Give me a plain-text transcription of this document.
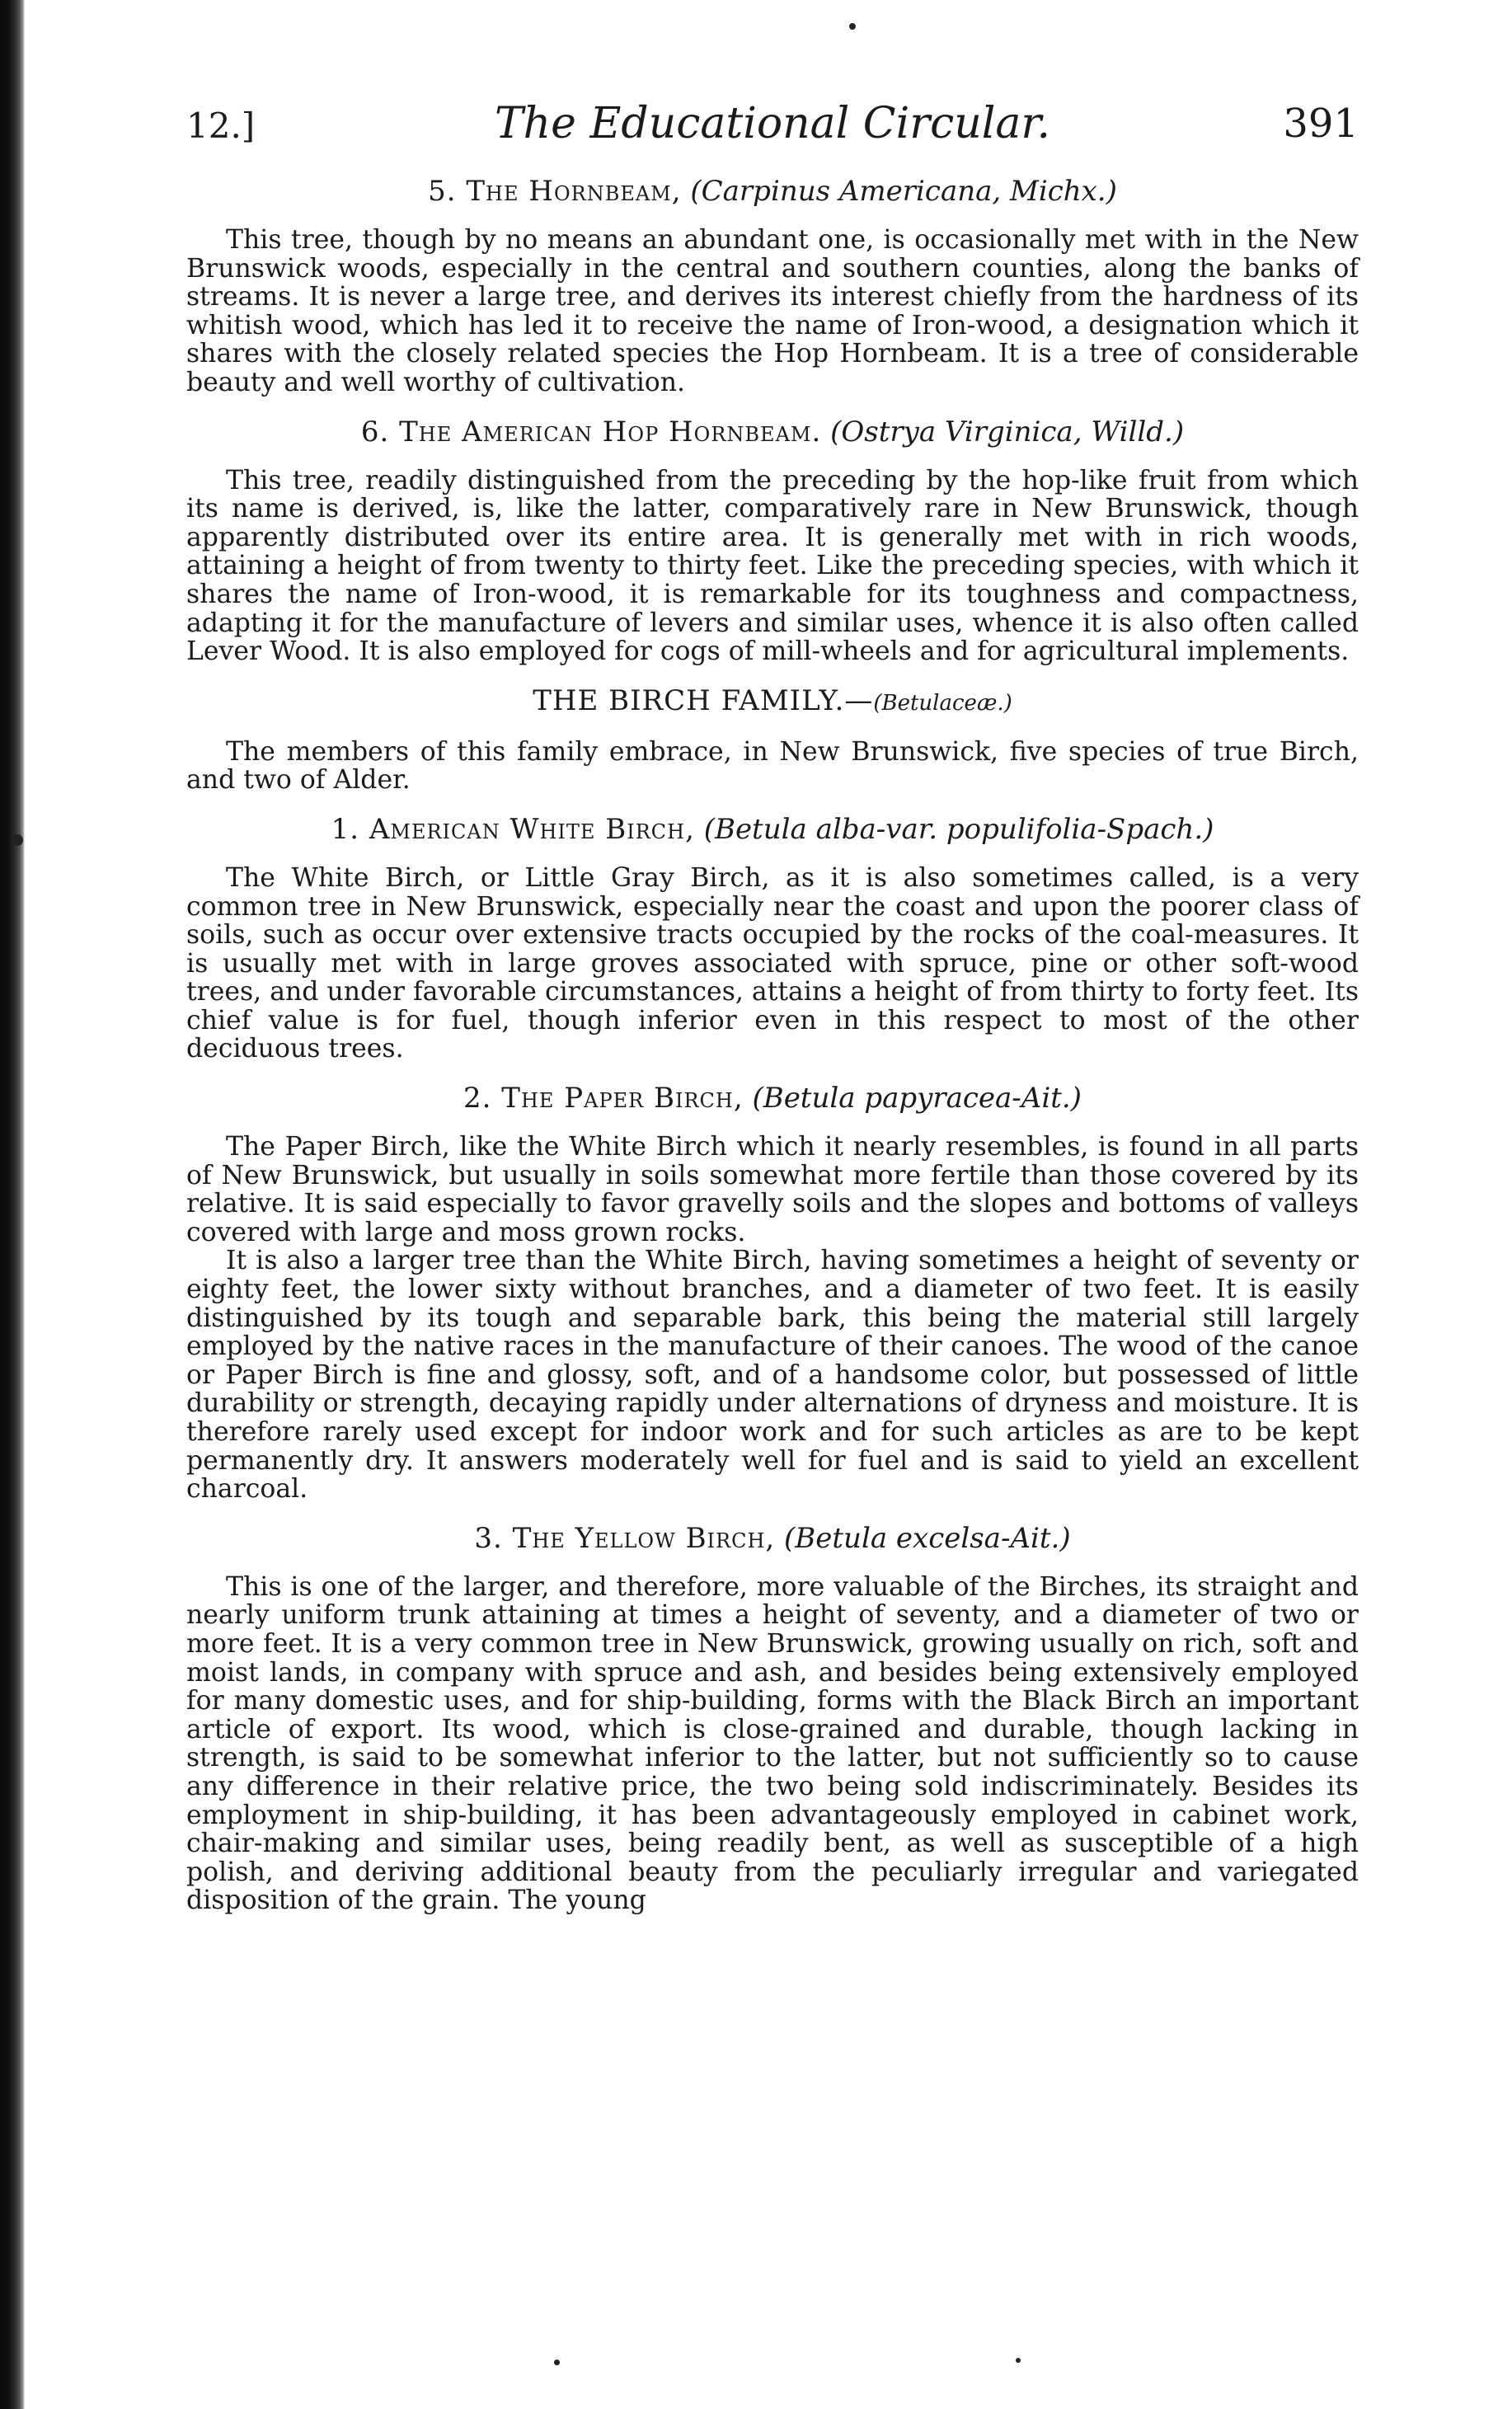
12.]	The Educational Circular.	391
5. The Hornbeam, (Carpinus Americana, Michx.)

This tree, though by no means an abundant one, is occasionally met with in the New Brunswick woods, especially in the central and southern counties, along the banks of streams. It is never a large tree, and derives its interest chiefly from the hardness of its whitish wood, which has led it to receive the name of Iron-wood, a designation which it shares with the closely related species the Hop Hornbeam. It is a tree of considerable beauty and well worthy of cultivation.

6. The American Hop Hornbeam. (Ostrya Virginica, Willd.)

This tree, readily distinguished from the preceding by the hop-like fruit from which its name is derived, is, like the latter, comparatively rare in New Brunswick, though apparently distributed over its entire area. It is generally met with in rich woods, attaining a height of from twenty to thirty feet. Like the preceding species, with which it shares the name of Iron-wood, it is remarkable for its toughness and compactness, adapting it for the manufacture of levers and similar uses, whence it is also often called Lever Wood. It is also employed for cogs of mill-wheels and for agricultural implements.

THE BIRCH FAMILY.—(Betulaceæ.)

The members of this family embrace, in New Brunswick, five species of true Birch, and two of Alder.

1. American White Birch, (Betula alba-var. populifolia-Spach.)

The White Birch, or Little Gray Birch, as it is also sometimes called, is a very common tree in New Brunswick, especially near the coast and upon the poorer class of soils, such as occur over extensive tracts occupied by the rocks of the coal-measures. It is usually met with in large groves associated with spruce, pine or other soft-wood trees, and under favorable circumstances, attains a height of from thirty to forty feet. Its chief value is for fuel, though inferior even in this respect to most of the other deciduous trees.

2. The Paper Birch, (Betula papyracea-Ait.)

The Paper Birch, like the White Birch which it nearly resembles, is found in all parts of New Brunswick, but usually in soils somewhat more fertile than those covered by its relative. It is said especially to favor gravelly soils and the slopes and bottoms of valleys covered with large and moss grown rocks.

It is also a larger tree than the White Birch, having sometimes a height of seventy or eighty feet, the lower sixty without branches, and a diameter of two feet. It is easily distinguished by its tough and separable bark, this being the material still largely employed by the native races in the manufacture of their canoes. The wood of the canoe or Paper Birch is fine and glossy, soft, and of a handsome color, but possessed of little durability or strength, decaying rapidly under alternations of dryness and moisture. It is therefore rarely used except for indoor work and for such articles as are to be kept permanently dry. It answers moderately well for fuel and is said to yield an excellent charcoal.

3. The Yellow Birch, (Betula excelsa-Ait.)

This is one of the larger, and therefore, more valuable of the Birches, its straight and nearly uniform trunk attaining at times a height of seventy, and a diameter of two or more feet. It is a very common tree in New Brunswick, growing usually on rich, soft and moist lands, in company with spruce and ash, and besides being extensively employed for many domestic uses, and for ship-building, forms with the Black Birch an important article of export. Its wood, which is close-grained and durable, though lacking in strength, is said to be somewhat inferior to the latter, but not sufficiently so to cause any difference in their relative price, the two being sold indiscriminately. Besides its employment in ship-building, it has been advantageously employed in cabinet work, chair-making and similar uses, being readily bent, as well as susceptible of a high polish, and deriving additional beauty from the peculiarly irregular and variegated disposition of the grain. The young
